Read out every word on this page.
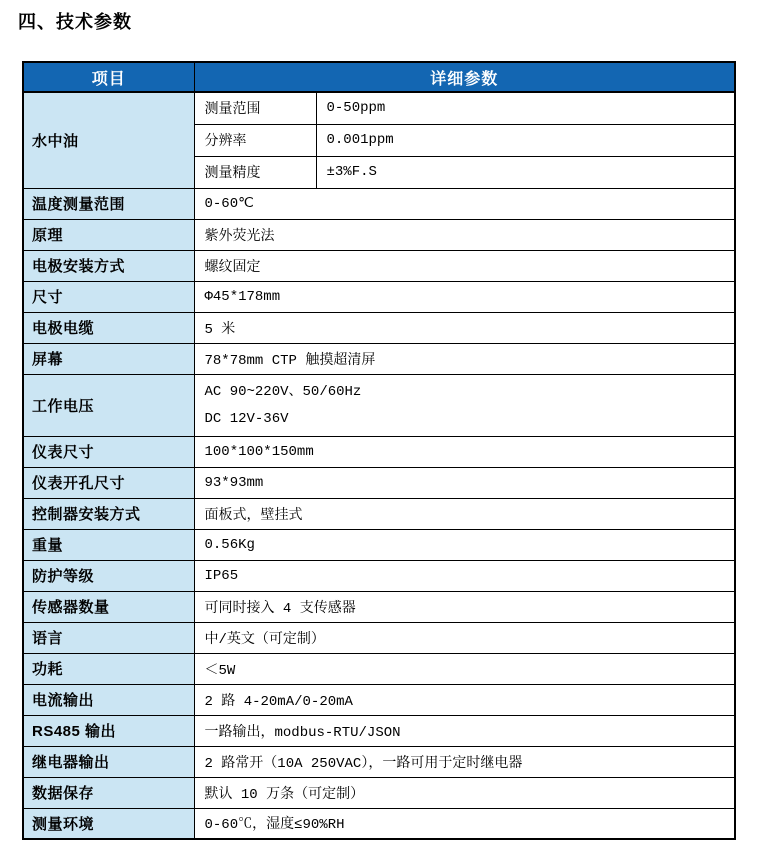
四、技术参数
项目	详细参数	
水中油	测量范围	0-50ppm
	分辨率	0.001ppm
	测量精度	±3%F.S
温度测量范围	0-60℃	
原理	紫外荧光法	
电极安装方式	螺纹固定	
尺寸	Φ45*178mm	
电极电缆	5 米	
屏幕	78*78mm CTP 触摸超清屏	
工作电压	AC 90~220V、50/60Hz
DC 12V-36V	

仪表尺寸	100*100*150mm	
仪表开孔尺寸	93*93mm	
控制器安装方式	面板式，壁挂式	
重量	0.56Kg	
防护等级	IP65	
传感器数量	可同时接入 4 支传感器	
语言	中/英文（可定制）	
功耗	＜5W	
电流输出	2 路 4-20mA/0-20mA	
RS485 输出	一路输出，modbus-RTU/JSON	
继电器输出	2 路常开（10A 250VAC），一路可用于定时继电器	
数据保存	默认 10 万条（可定制）	
测量环境	0-60℃，湿度≤90%RH	
